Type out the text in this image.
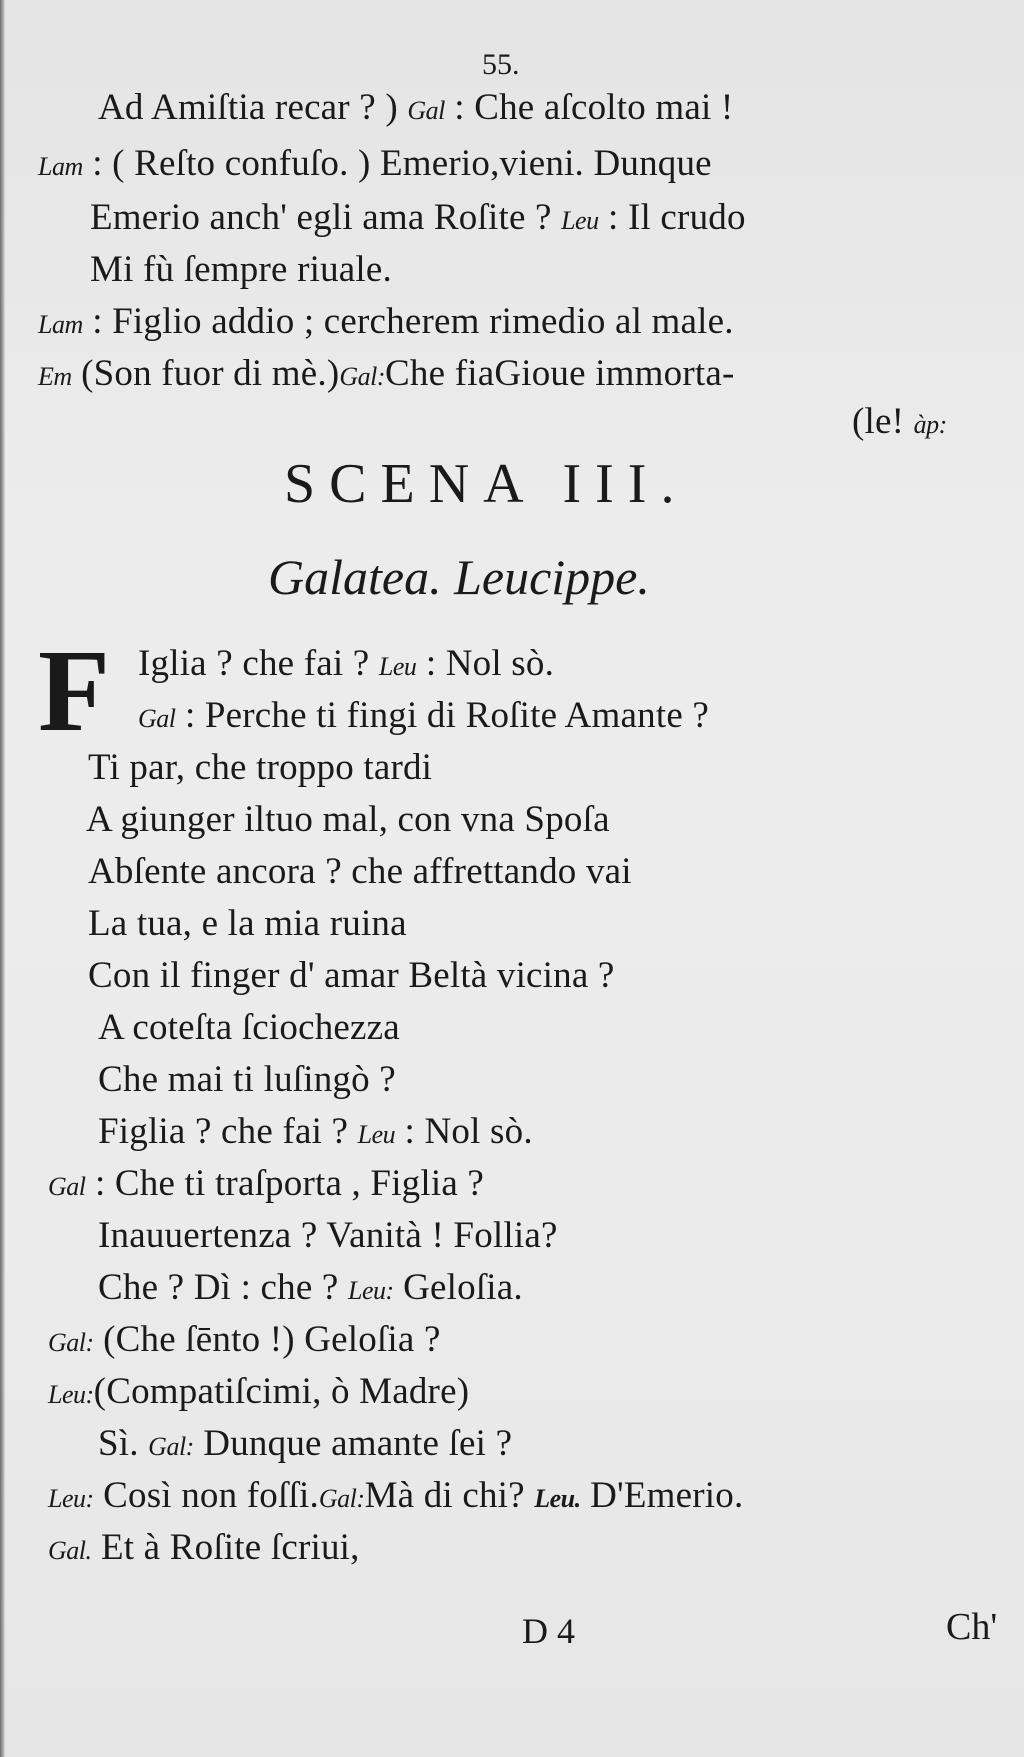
55.
Ad Amiſtia recar ? ) Gal : Che aſcolto mai !
Lam : ( Reſto confuſo. ) Emerio,vieni. Dunque
Emerio anch' egli ama Roſite ? Leu : Il crudo
Mi fù ſempre riuale.
Lam : Figlio addio ; cercherem rimedio al male.
Em (Son fuor di mè.)Gal:Che fiaGioue immorta-
(le! àp:
SCENA III.
Galatea. Leucippe.
F Iglia ? che fai ? Leu : Nol sò.
Gal : Perche ti fingi di Roſite Amante ?
Ti par, che troppo tardi
A giunger iltuo mal, con vna Spoſa
Abſente ancora ? che affrettando vai
La tua, e la mia ruina
Con il finger d' amar Beltà vicina ?
A coteſta ſciochezza
Che mai ti luſingò ?
Figlia ? che fai ? Leu : Nol sò.
Gal : Che ti traſporta , Figlia ?
Inauuertenza ? Vanità ! Follia?
Che ? Dì : che ? Leu: Geloſia.
Gal: (Che ſēnto !) Geloſia ?
Leu:(Compatiſcimi, ò Madre)
Sì. Gal: Dunque amante ſei ?
Leu: Così non foſſi.Gal:Mà di chi? Leu. D'Emerio.
Gal. Et à Roſite ſcriui,
D 4	Ch'
